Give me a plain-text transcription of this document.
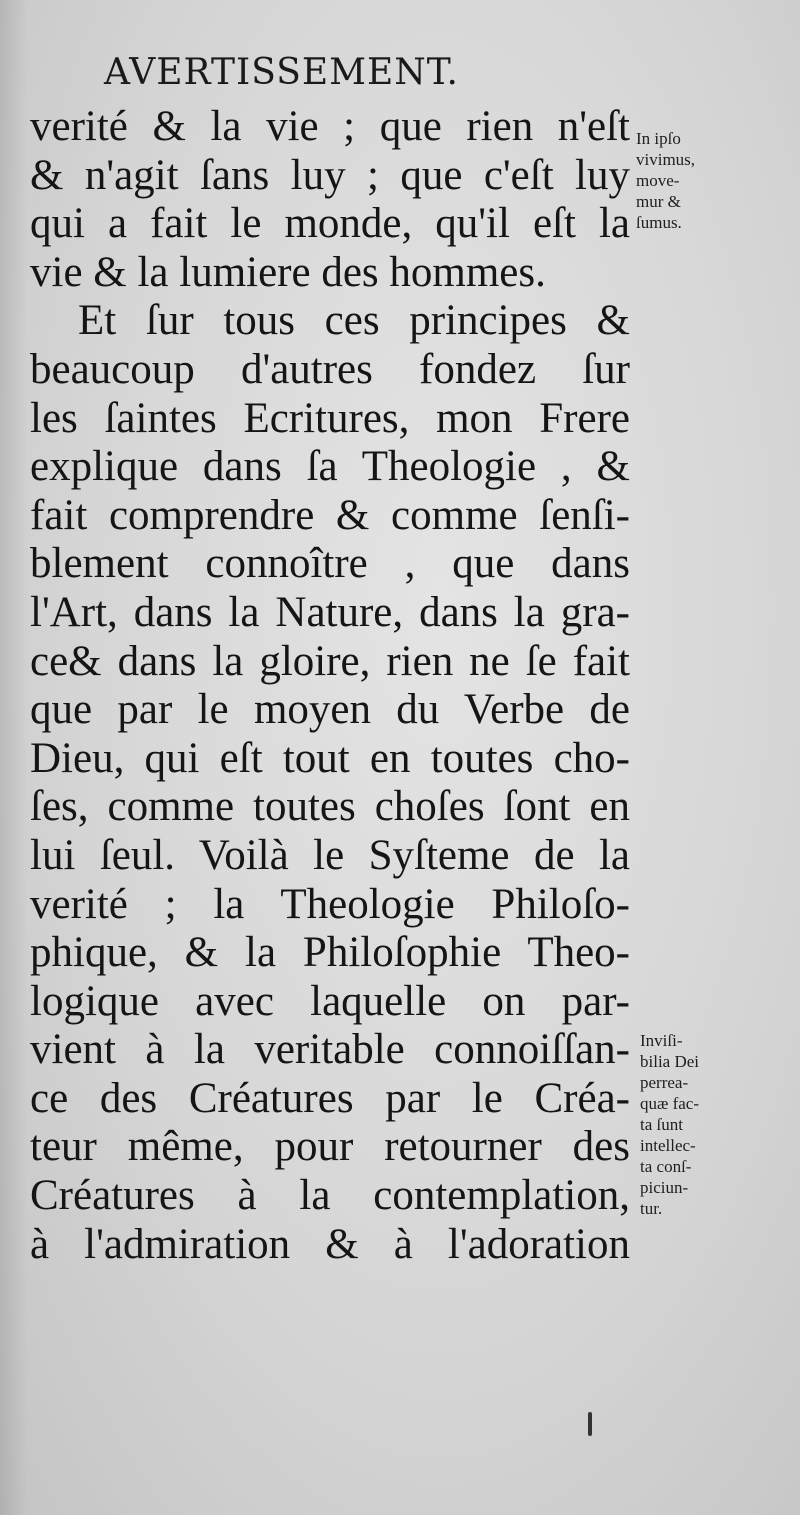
AVERTISSEMENT.
verité & la vie ; que rien n'eſt
& n'agit ſans luy ; que c'eſt luy
qui a fait le monde, qu'il eſt la
vie & la lumiere des hommes.
Et ſur tous ces principes &
beaucoup d'autres fondez ſur
les ſaintes Ecritures, mon Frere
explique dans ſa Theologie , &
fait comprendre & comme ſenſi-
blement connoître , que dans
l'Art, dans la Nature, dans la gra-
ce& dans la gloire, rien ne ſe fait
que par le moyen du Verbe de
Dieu, qui eſt tout en toutes cho-
ſes, comme toutes choſes ſont en
lui ſeul. Voilà le Syſteme de la
verité ; la Theologie Philoſo-
phique, & la Philoſophie Theo-
logique avec laquelle on par-
vient à la veritable connoiſſan-
ce des Créatures par le Créa-
teur même, pour retourner des
Créatures à la contemplation,
à l'admiration & à l'adoration
In ipſo
vivimus,
move-
mur &
ſumus.
Inviſi-
bilia Dei
perrea-
quæ fac-
ta ſunt
intellec-
ta conſ-
piciun-
tur.
